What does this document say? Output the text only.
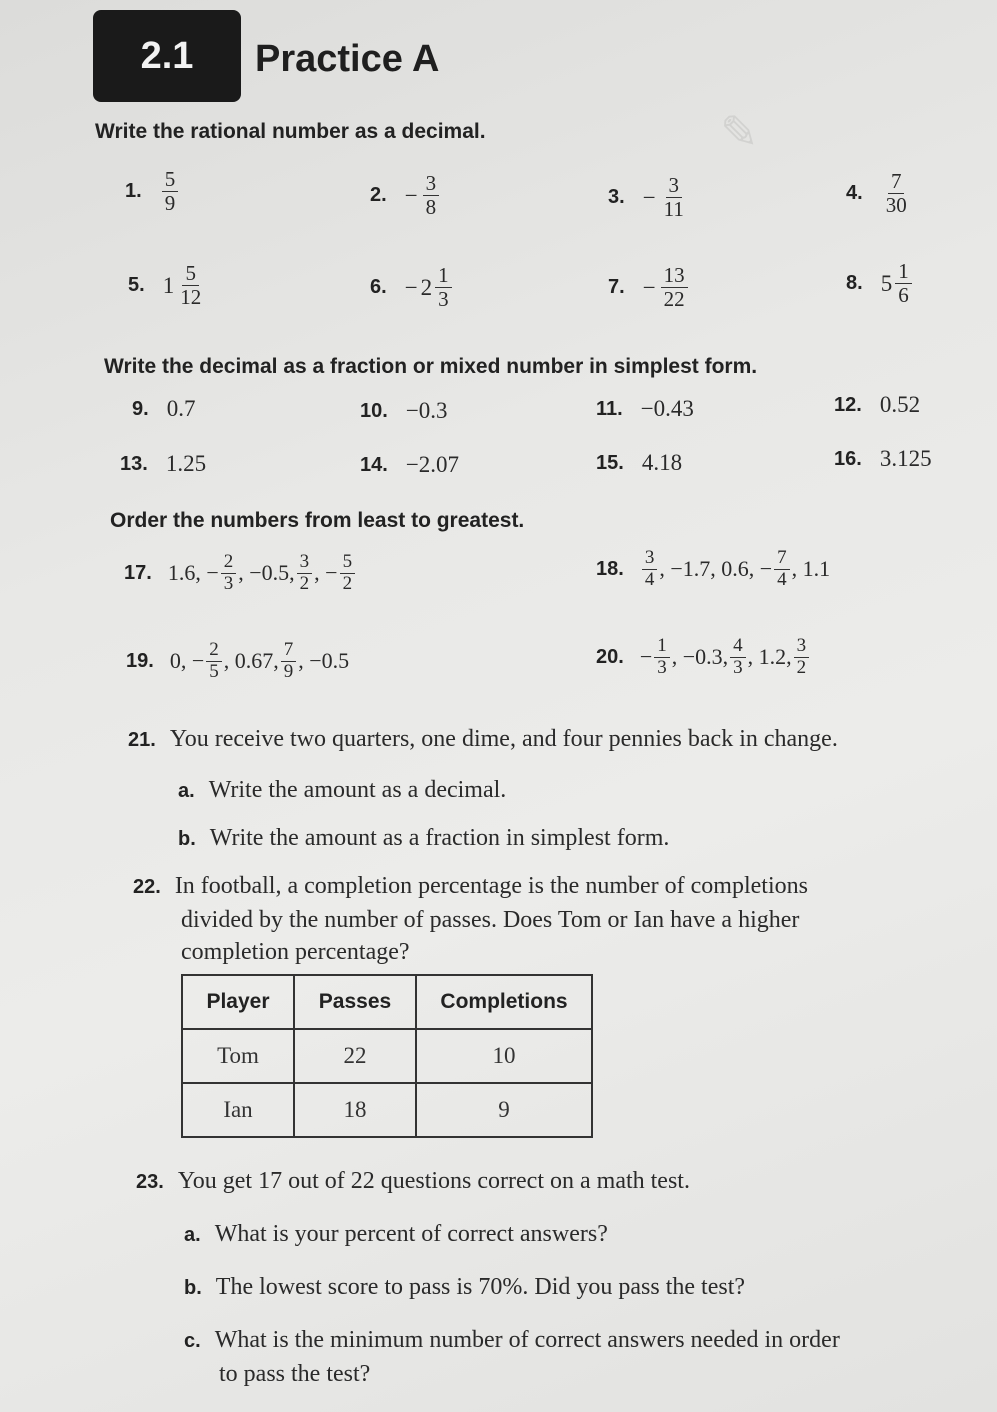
2.1	Practice A
✎
Write the rational number as a decimal.
1. $\frac{5}{9}$	2. − $\frac{3}{8}$	3. − $\frac{3}{11}$	4. $\frac{7}{30}$
5. $1 \frac{5}{12}$	6. − $2 \frac{1}{3}$	7. − $\frac{13}{22}$	8. $5 \frac{1}{6}$
Write the decimal as a fraction or mixed number in simplest form.
9. 0.7	10. −0.3	11. −0.43	12. 0.52
13. 1.25	14. −2.07	15. 4.18	16. 3.125
Order the numbers from least to greatest.
17. 1.6, − $\frac{2}{3}$ , −0.5, $\frac{3}{2}$ , − $\frac{5}{2}$	18. $\frac{3}{4}$ , −1.7, 0.6, − $\frac{7}{4}$ , 1.1
19. 0, − $\frac{2}{5}$ , 0.67, $\frac{7}{9}$ , −0.5	20. − $\frac{1}{3}$ , −0.3, $\frac{4}{3}$ , 1.2, $\frac{3}{2}$
21. You receive two quarters, one dime, and four pennies back in change.
a. Write the amount as a decimal.
b. Write the amount as a fraction in simplest form.
22. In football, a completion percentage is the number of completions
divided by the number of passes. Does Tom or Ian have a higher
completion percentage?
Player	Passes	Completions
Tom	22	10
Ian	18	9
23. You get 17 out of 22 questions correct on a math test.
a. What is your percent of correct answers?
b. The lowest score to pass is 70%. Did you pass the test?
c. What is the minimum number of correct answers needed in order
to pass the test?
